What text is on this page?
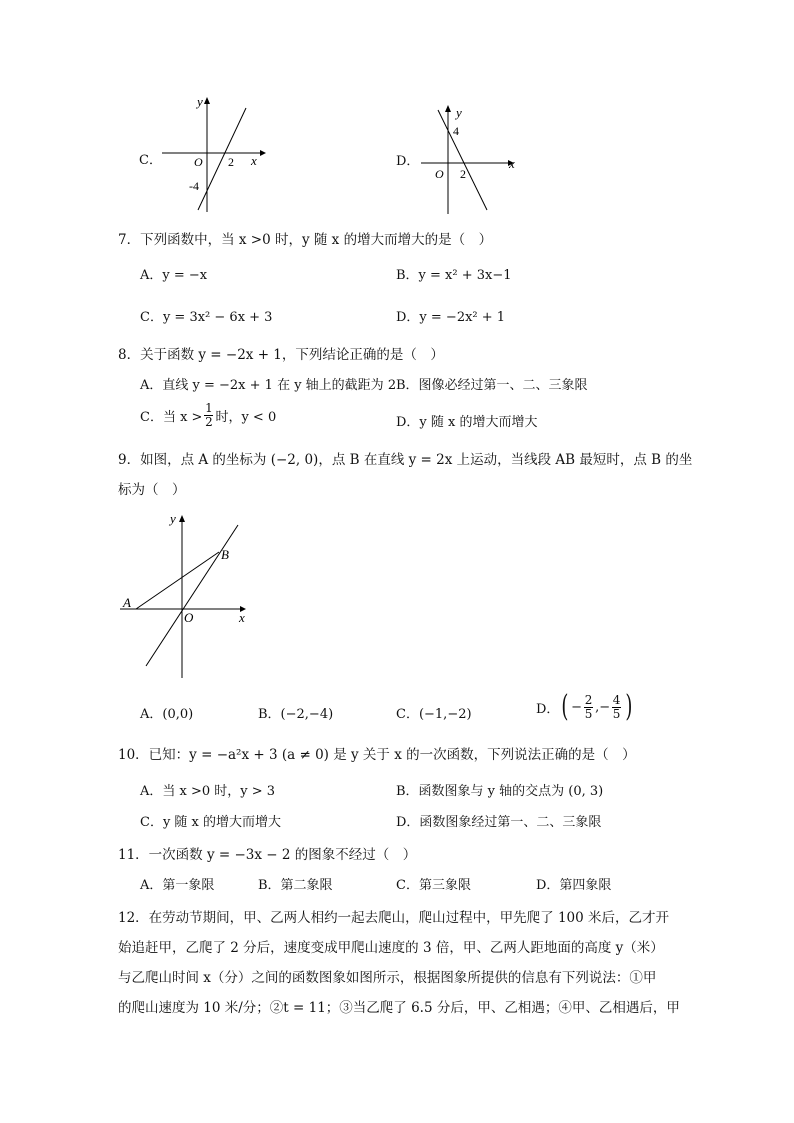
C．
y
O	x
2
-4
D．
y
4
O 2
x
7．下列函数中，当 x >0 时，y 随 x 的增大而增大的是（　）
A．y = −x	B．y = x² + 3x−1
C．y = 3x² − 6x + 3	D．y = −2x² + 1
8．关于函数 y = −2x + 1，下列结论正确的是（　）
A．直线 y = −2x + 1 在 y 轴上的截距为 2 B．图像必经过第一、二、三象限
C．当 x >
1
2 时，y < 0	D．y 随 x 的增大而增大
9．如图，点 A 的坐标为 (−2, 0)，点 B 在直线 y = 2x 上运动，当线段 AB 最短时，点 B 的坐
标为（　）
y
B
A
O	x
A．(0,0)	B．(−2,−4)	C．(−1,−2)	D． ( − 2
5 ,− 4
5 )
10．已知：y = −a²x + 3 (a ≠ 0) 是 y 关于 x 的一次函数，下列说法正确的是（　）
A．当 x >0 时，y > 3	B．函数图象与 y 轴的交点为 (0, 3)
C．y 随 x 的增大而增大	D．函数图象经过第一、二、三象限
11．一次函数 y = −3x − 2 的图象不经过（　）
A．第一象限	B．第二象限	C．第三象限	D．第四象限
12．在劳动节期间，甲、乙两人相约一起去爬山，爬山过程中，甲先爬了 100 米后，乙才开
始追赶甲，乙爬了 2 分后，速度变成甲爬山速度的 3 倍，甲、乙两人距地面的高度 y（米）
与乙爬山时间 x（分）之间的函数图象如图所示，根据图象所提供的信息有下列说法：①甲
的爬山速度为 10 米/分；②t = 11；③当乙爬了 6.5 分后，甲、乙相遇；④甲、乙相遇后，甲
